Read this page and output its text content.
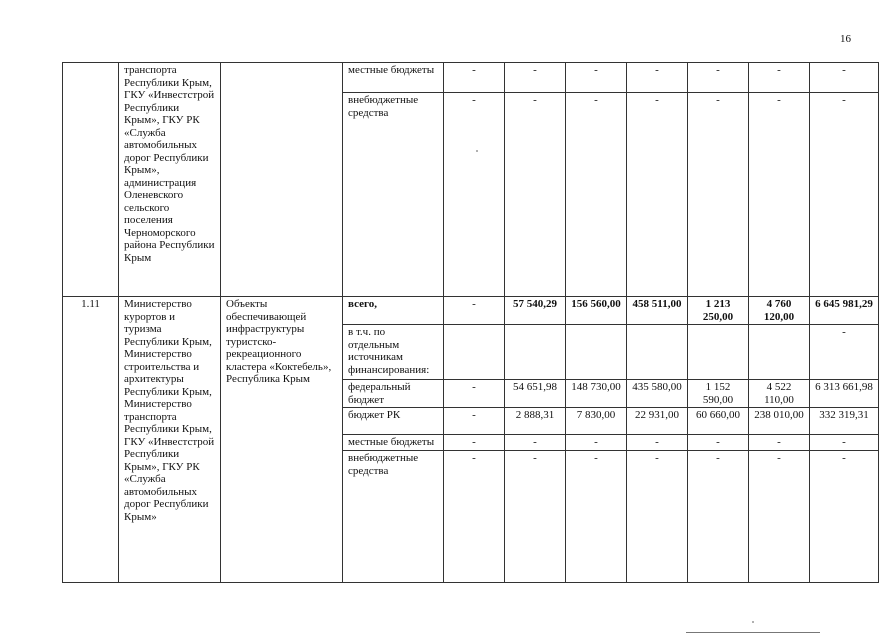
16
	транспорта Республики Крым, ГКУ «Инвестстрой Республики Крым», ГКУ РК «Служба автомобильных дорог Республики Крым», администрация Оленевского сельского поселения Черноморского района Республики Крым		местные бюджеты	-	-	-	-	-	-	-
			внебюджетные средства	-	-	-	-	-	-	-
1.11	Министерство курортов и туризма Республики Крым, Министерство строительства и архитектуры Республики Крым, Министерство транспорта Республики Крым, ГКУ «Инвестстрой Республики Крым», ГКУ РК «Служба автомобильных дорог Республики Крым»	Объекты обеспечивающей инфраструктуры туристско-рекреационного кластера «Коктебель», Республика Крым	всего,	-	57 540,29	156 560,00	458 511,00	1 213 250,00	4 760 120,00	6 645 981,29
			в т.ч. по отдельным источникам финансирования:							-
			федеральный бюджет	-	54 651,98	148 730,00	435 580,00	1 152 590,00	4 522 110,00	6 313 661,98
			бюджет РК	-	2 888,31	7 830,00	22 931,00	60 660,00	238 010,00	332 319,31
			местные бюджеты	-	-	-	-	-	-	-
			внебюджетные средства	-	-	-	-	-	-	-
